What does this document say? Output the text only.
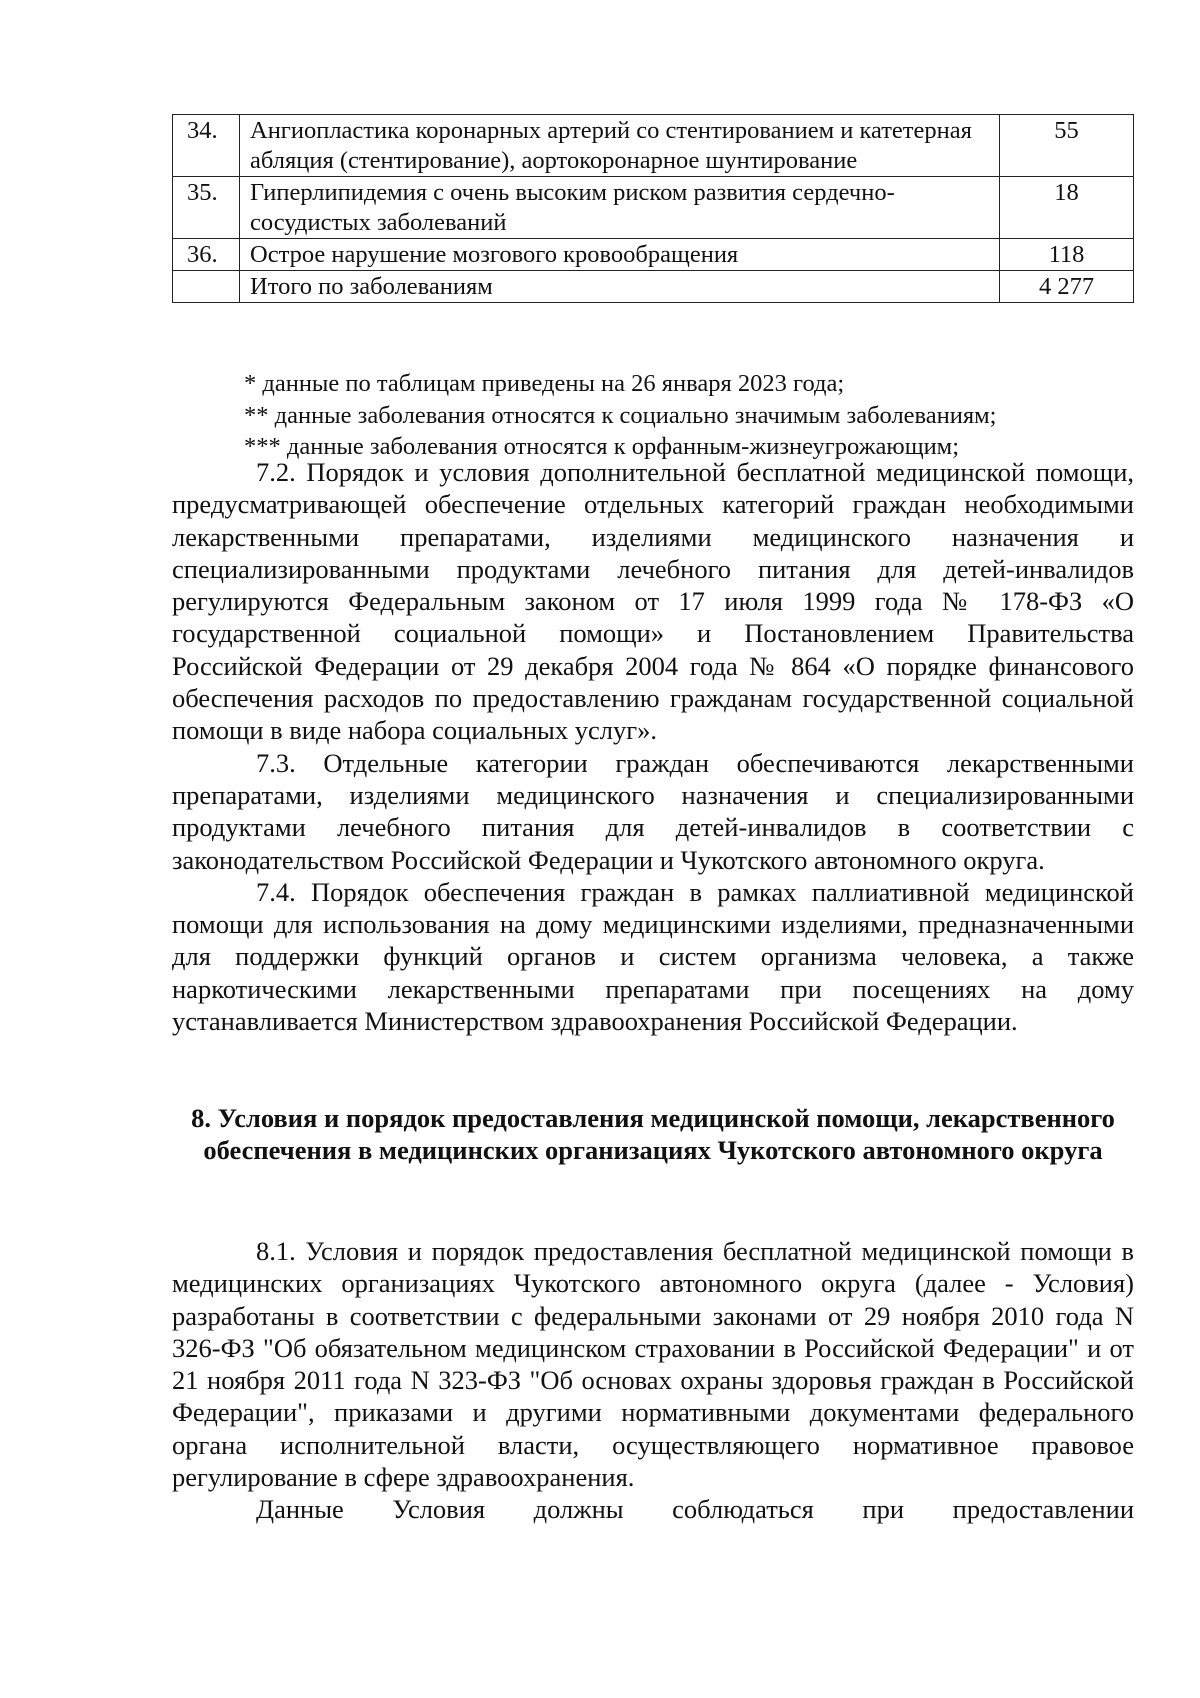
34.	Ангиопластика коронарных артерий со стентированием и катетерная абляция (стентирование), аортокоронарное шунтирование	55
35.	Гиперлипидемия с очень высоким риском развития сердечно-сосудистых заболеваний	18
36.	Острое нарушение мозгового кровообращения	118
	Итого по заболеваниям	4 277

* данные по таблицам приведены на 26 января 2023 года;

** данные заболевания относятся к социально значимым заболеваниям;

*** данные заболевания относятся к орфанным-жизнеугрожающим;

7.2. Порядок и условия дополнительной бесплатной медицинской помощи, предусматривающей обеспечение отдельных категорий граждан необходимыми лекарственными препаратами, изделиями медицинского назначения и специализированными продуктами лечебного питания для детей-инвалидов регулируются Федеральным законом от 17 июля 1999 года № 178-ФЗ «О государственной социальной помощи» и Постановлением Правительства Российской Федерации от 29 декабря 2004 года № 864 «О порядке финансового обеспечения расходов по предоставлению гражданам государственной социальной помощи в виде набора социальных услуг».

7.3. Отдельные категории граждан обеспечиваются лекарственными препаратами, изделиями медицинского назначения и специализированными продуктами лечебного питания для детей-инвалидов в соответствии с законодательством Российской Федерации и Чукотского автономного округа.

7.4. Порядок обеспечения граждан в рамках паллиативной медицинской помощи для использования на дому медицинскими изделиями, предназначенными для поддержки функций органов и систем организма человека, а также наркотическими лекарственными препаратами при посещениях на дому устанавливается Министерством здравоохранения Российской Федерации.

8. Условия и порядок предоставления медицинской помощи, лекарственного обеспечения в медицинских организациях Чукотского автономного округа

8.1. Условия и порядок предоставления бесплатной медицинской помощи в медицинских организациях Чукотского автономного округа (далее - Условия) разработаны в соответствии с федеральными законами от 29 ноября 2010 года N 326-ФЗ "Об обязательном медицинском страховании в Российской Федерации" и от 21 ноября 2011 года N 323-ФЗ "Об основах охраны здоровья граждан в Российской Федерации", приказами и другими нормативными документами федерального органа исполнительной власти, осуществляющего нормативное правовое регулирование в сфере здравоохранения.

Данные Условия должны соблюдаться при предоставлении
